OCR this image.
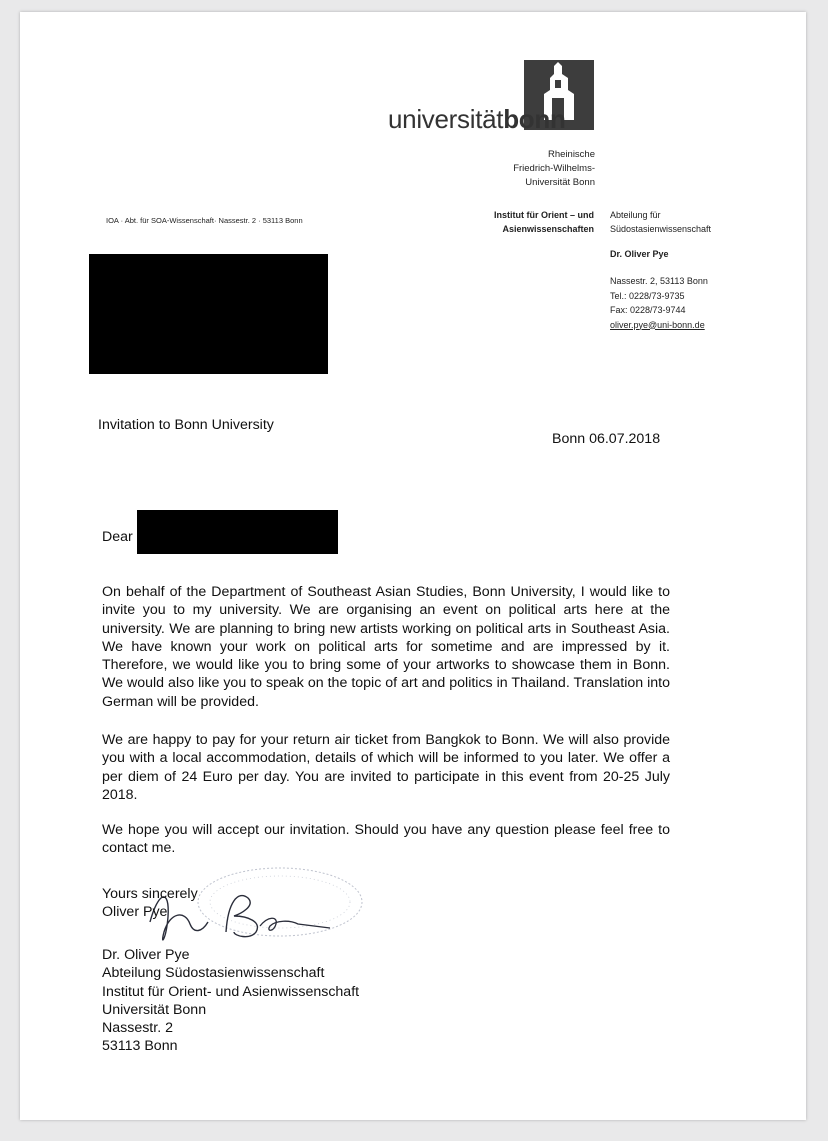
universitätbonn
Rheinische
Friedrich-Wilhelms-
Universität Bonn
IOA · Abt. für SOA-Wissenschaft· Nassestr. 2 · 53113 Bonn
Institut für Orient – und
Asienwissenschaften
Abteilung für
Südostasienwissenschaft
Dr. Oliver Pye
Nassestr. 2, 53113 Bonn
Tel.: 0228/73-9735
Fax: 0228/73-9744
oliver.pye@uni-bonn.de
Invitation to Bonn University
Bonn 06.07.2018
Dear
On behalf of the Department of Southeast Asian Studies, Bonn University, I would like to invite you to my university. We are organising an event on political arts here at the university. We are planning to bring new artists working on political arts in Southeast Asia. We have known your work on political arts for sometime and are impressed by it. Therefore, we would like you to bring some of your artworks to showcase them in Bonn. We would also like you to speak on the topic of art and politics in Thailand. Translation into German will be provided.
We are happy to pay for your return air ticket from Bangkok to Bonn. We will also provide you with a local accommodation, details of which will be informed to you later. We offer a per diem of 24 Euro per day. You are invited to participate in this event from 20-25 July 2018.
We hope you will accept our invitation. Should you have any question please feel free to contact me.
Yours sincerely
Oliver Pye
Dr. Oliver Pye
Abteilung Südostasienwissenschaft
Institut für Orient- und Asienwissenschaft
Universität Bonn
Nassestr. 2
53113 Bonn
